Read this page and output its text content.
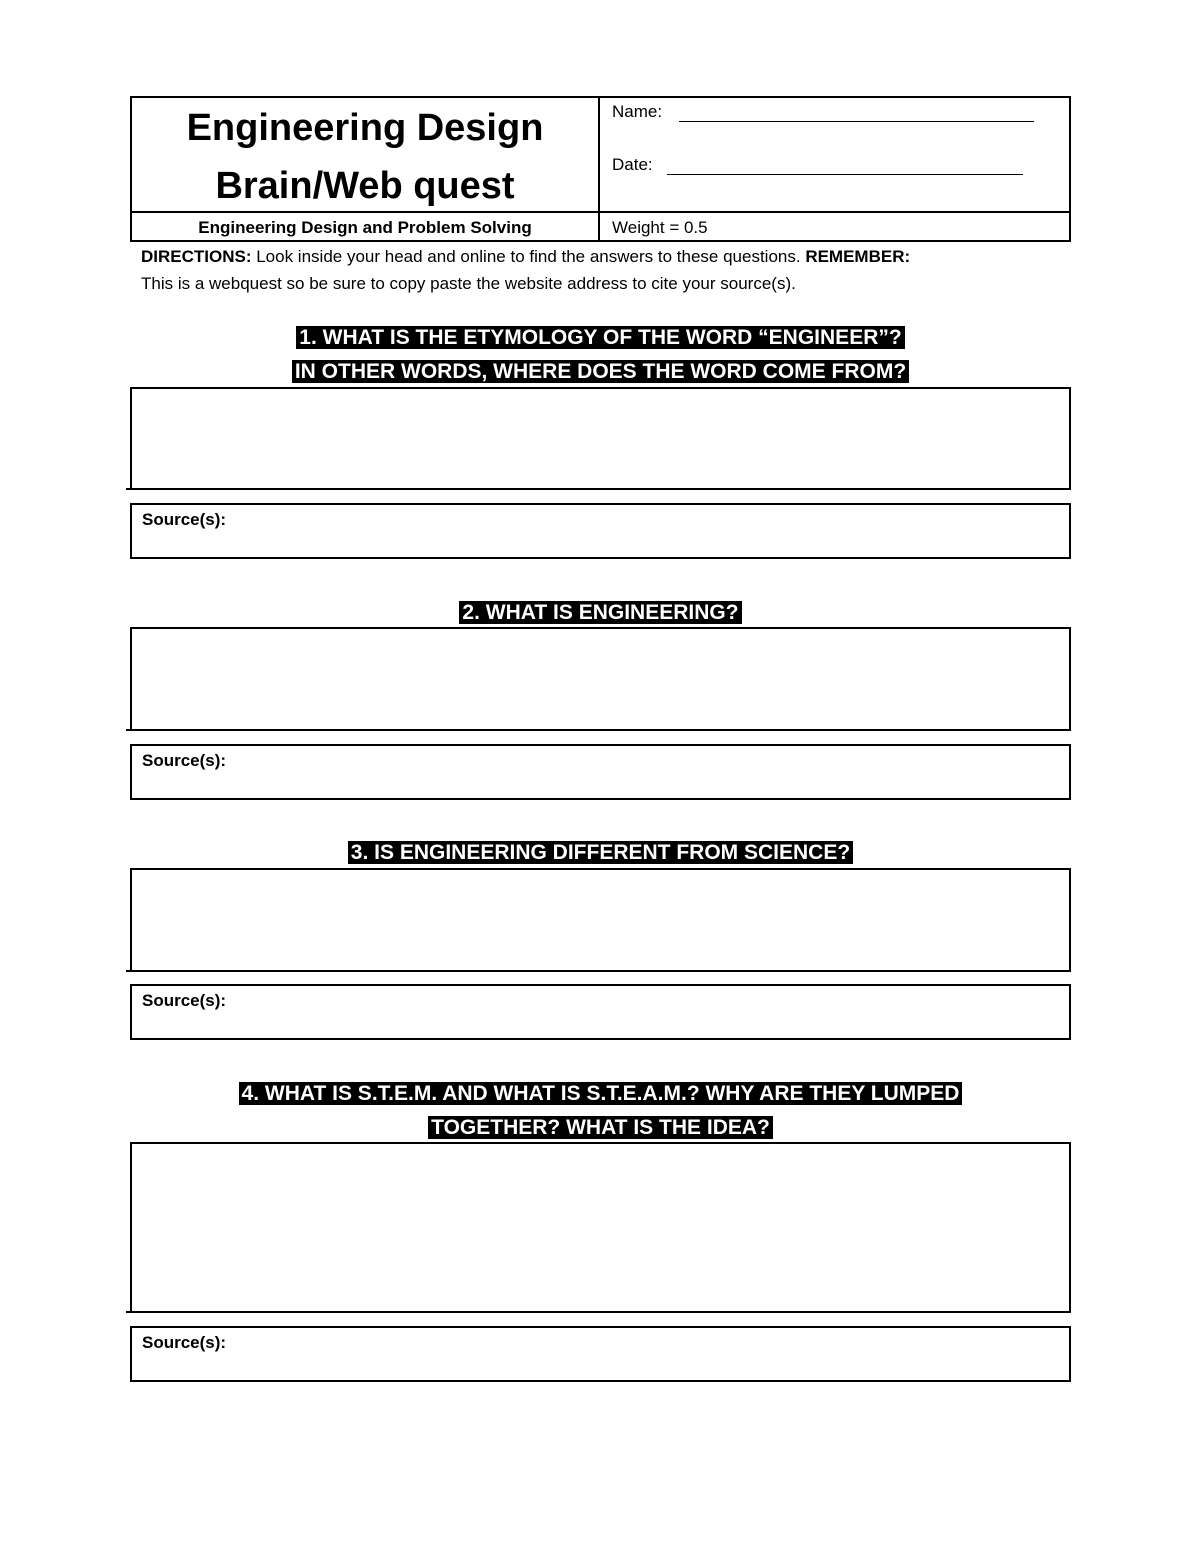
Engineering Design
Brain/Web quest
Name:
Date:
Engineering Design and Problem Solving	Weight = 0.5
DIRECTIONS: Look inside your head and online to find the answers to these questions. REMEMBER:
This is a webquest so be sure to copy paste the website address to cite your source(s).
1. WHAT IS THE ETYMOLOGY OF THE WORD “ENGINEER”?
IN OTHER WORDS, WHERE DOES THE WORD COME FROM?
Source(s):
2. WHAT IS ENGINEERING?
Source(s):
3. IS ENGINEERING DIFFERENT FROM SCIENCE?
Source(s):
4. WHAT IS S.T.E.M. AND WHAT IS S.T.E.A.M.? WHY ARE THEY LUMPED
TOGETHER? WHAT IS THE IDEA?
Source(s):
